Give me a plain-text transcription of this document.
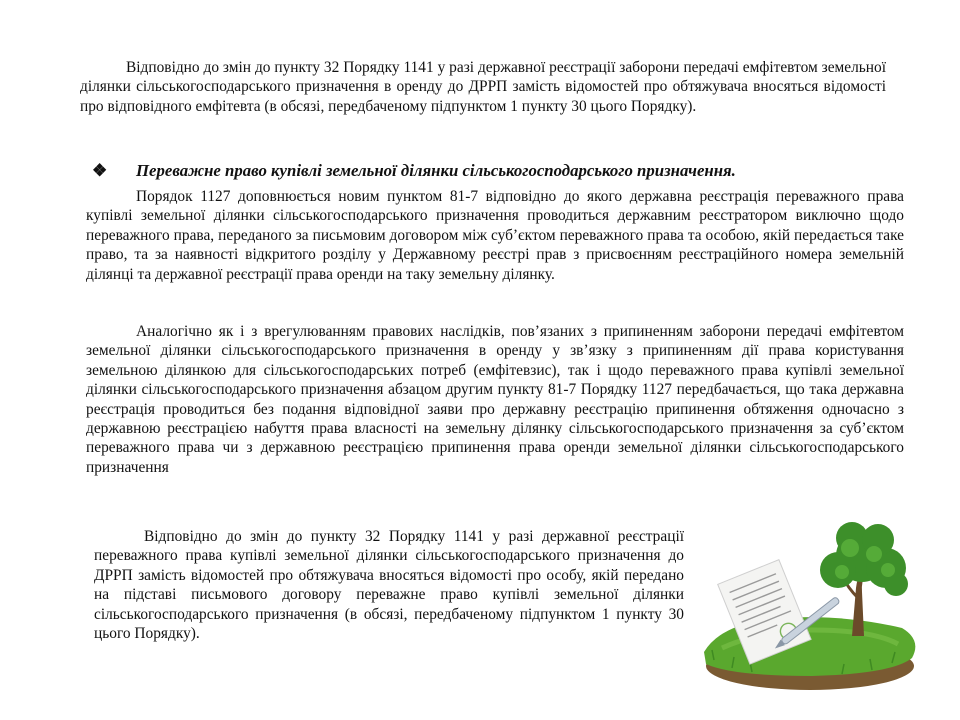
Відповідно до змін до пункту 32 Порядку 1141 у разі державної реєстрації заборони передачі емфітевтом земельної ділянки сільськогосподарського призначення в оренду до ДРРП замість відомостей про обтяжувача вносяться відомості про відповідного емфітевта (в обсязі, передбаченому підпунктом 1 пункту 30 цього Порядку).

❖ Переважне право купівлі земельної ділянки сільськогосподарського призначення.

Порядок 1127 доповнюється новим пунктом 81-7 відповідно до якого державна реєстрація переважного права купівлі земельної ділянки сільськогосподарського призначення проводиться державним реєстратором виключно щодо переважного права, переданого за письмовим договором між суб’єктом переважного права та особою, якій передається таке право, та за наявності відкритого розділу у Державному реєстрі прав з присвоєнням реєстраційного номера земельній ділянці та державної реєстрації права оренди на таку земельну ділянку.

Аналогічно як і з врегулюванням правових наслідків, пов’язаних з припиненням заборони передачі емфітевтом земельної ділянки сільськогосподарського призначення в оренду у зв’язку з припиненням дії права користування земельною ділянкою для сільськогосподарських потреб (емфітевзис), так і щодо переважного права купівлі земельної ділянки сільськогосподарського призначення абзацом другим пункту 81-7 Порядку 1127 передбачається, що така державна реєстрація проводиться без подання відповідної заяви про державну реєстрацію припинення обтяження одночасно з державною реєстрацією набуття права власності на земельну ділянку сільськогосподарського призначення за суб’єктом переважного права чи з державною реєстрацією припинення права оренди земельної ділянки сільськогосподарського призначення

Відповідно до змін до пункту 32 Порядку 1141 у разі державної реєстрації переважного права купівлі земельної ділянки сільськогосподарського призначення до ДРРП замість відомостей про обтяжувача вносяться відомості про особу, якій передано на підставі письмового договору переважне право купівлі земельної ділянки сільськогосподарського призначення (в обсязі, передбаченому підпунктом 1 пункту 30 цього Порядку).
